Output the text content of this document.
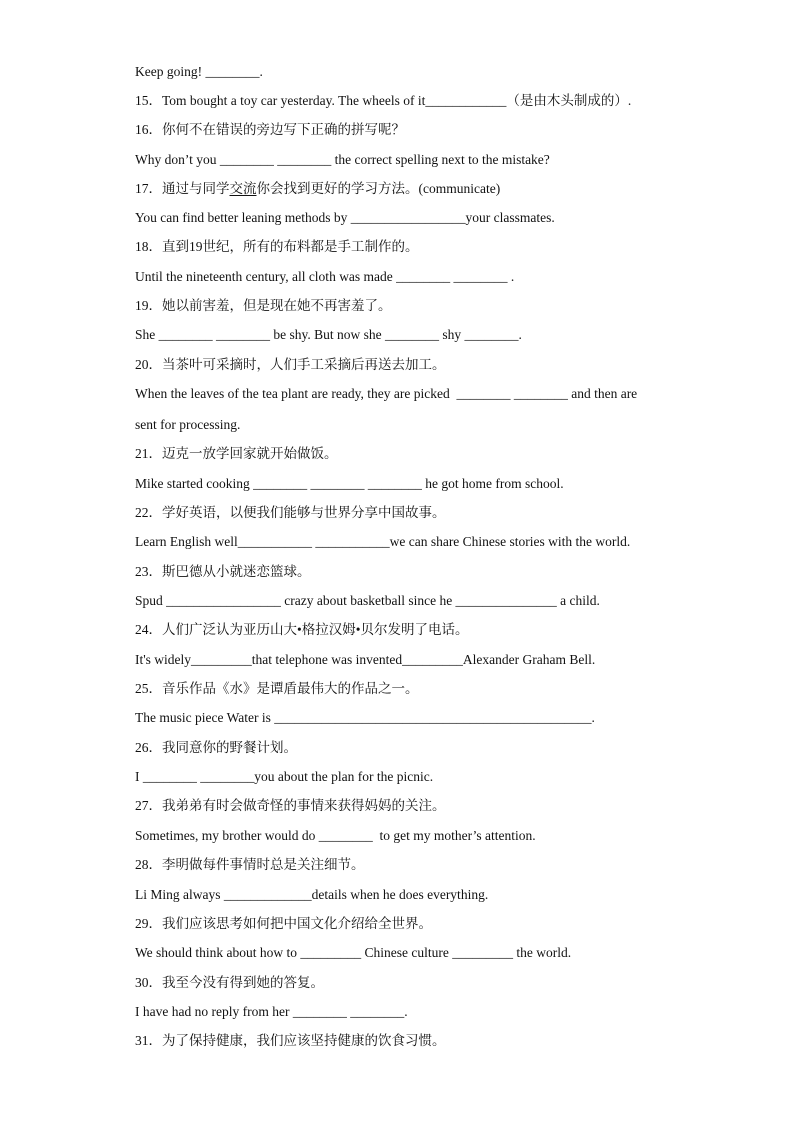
Keep going! ________.
15．Tom bought a toy car yesterday. The wheels of it____________（是由木头制成的）.
16．你何不在错误的旁边写下正确的拼写呢？
Why don’t you ________ ________ the correct spelling next to the mistake?
17．通过与同学交流你会找到更好的学习方法。(communicate)
You can find better leaning methods by _________________your classmates.
18．直到19世纪，所有的布料都是手工制作的。
Until the nineteenth century, all cloth was made ________ ________ .
19．她以前害羞，但是现在她不再害羞了。
She ________ ________ be shy. But now she ________ shy ________.
20．当茶叶可采摘时，人们手工采摘后再送去加工。
When the leaves of the tea plant are ready, they are picked  ________ ________ and then are
sent for processing.
21．迈克一放学回家就开始做饭。
Mike started cooking ________ ________ ________ he got home from school.
22．学好英语，以便我们能够与世界分享中国故事。
Learn English well___________ ___________we can share Chinese stories with the world.
23．斯巴德从小就迷恋篮球。
Spud _________________ crazy about basketball since he _______________ a child.
24．人们广泛认为亚历山大•格拉汉姆•贝尔发明了电话。
It's widely_________that telephone was invented_________Alexander Graham Bell.
25．音乐作品《水》是谭盾最伟大的作品之一。
The music piece Water is _______________________________________________.
26．我同意你的野餐计划。
I ________ ________you about the plan for the picnic.
27．我弟弟有时会做奇怪的事情来获得妈妈的关注。
Sometimes, my brother would do ________  to get my mother’s attention.
28．李明做每件事情时总是关注细节。
Li Ming always _____________details when he does everything.
29．我们应该思考如何把中国文化介绍给全世界。
We should think about how to _________ Chinese culture _________ the world.
30．我至今没有得到她的答复。
I have had no reply from her ________ ________.
31．为了保持健康，我们应该坚持健康的饮食习惯。
